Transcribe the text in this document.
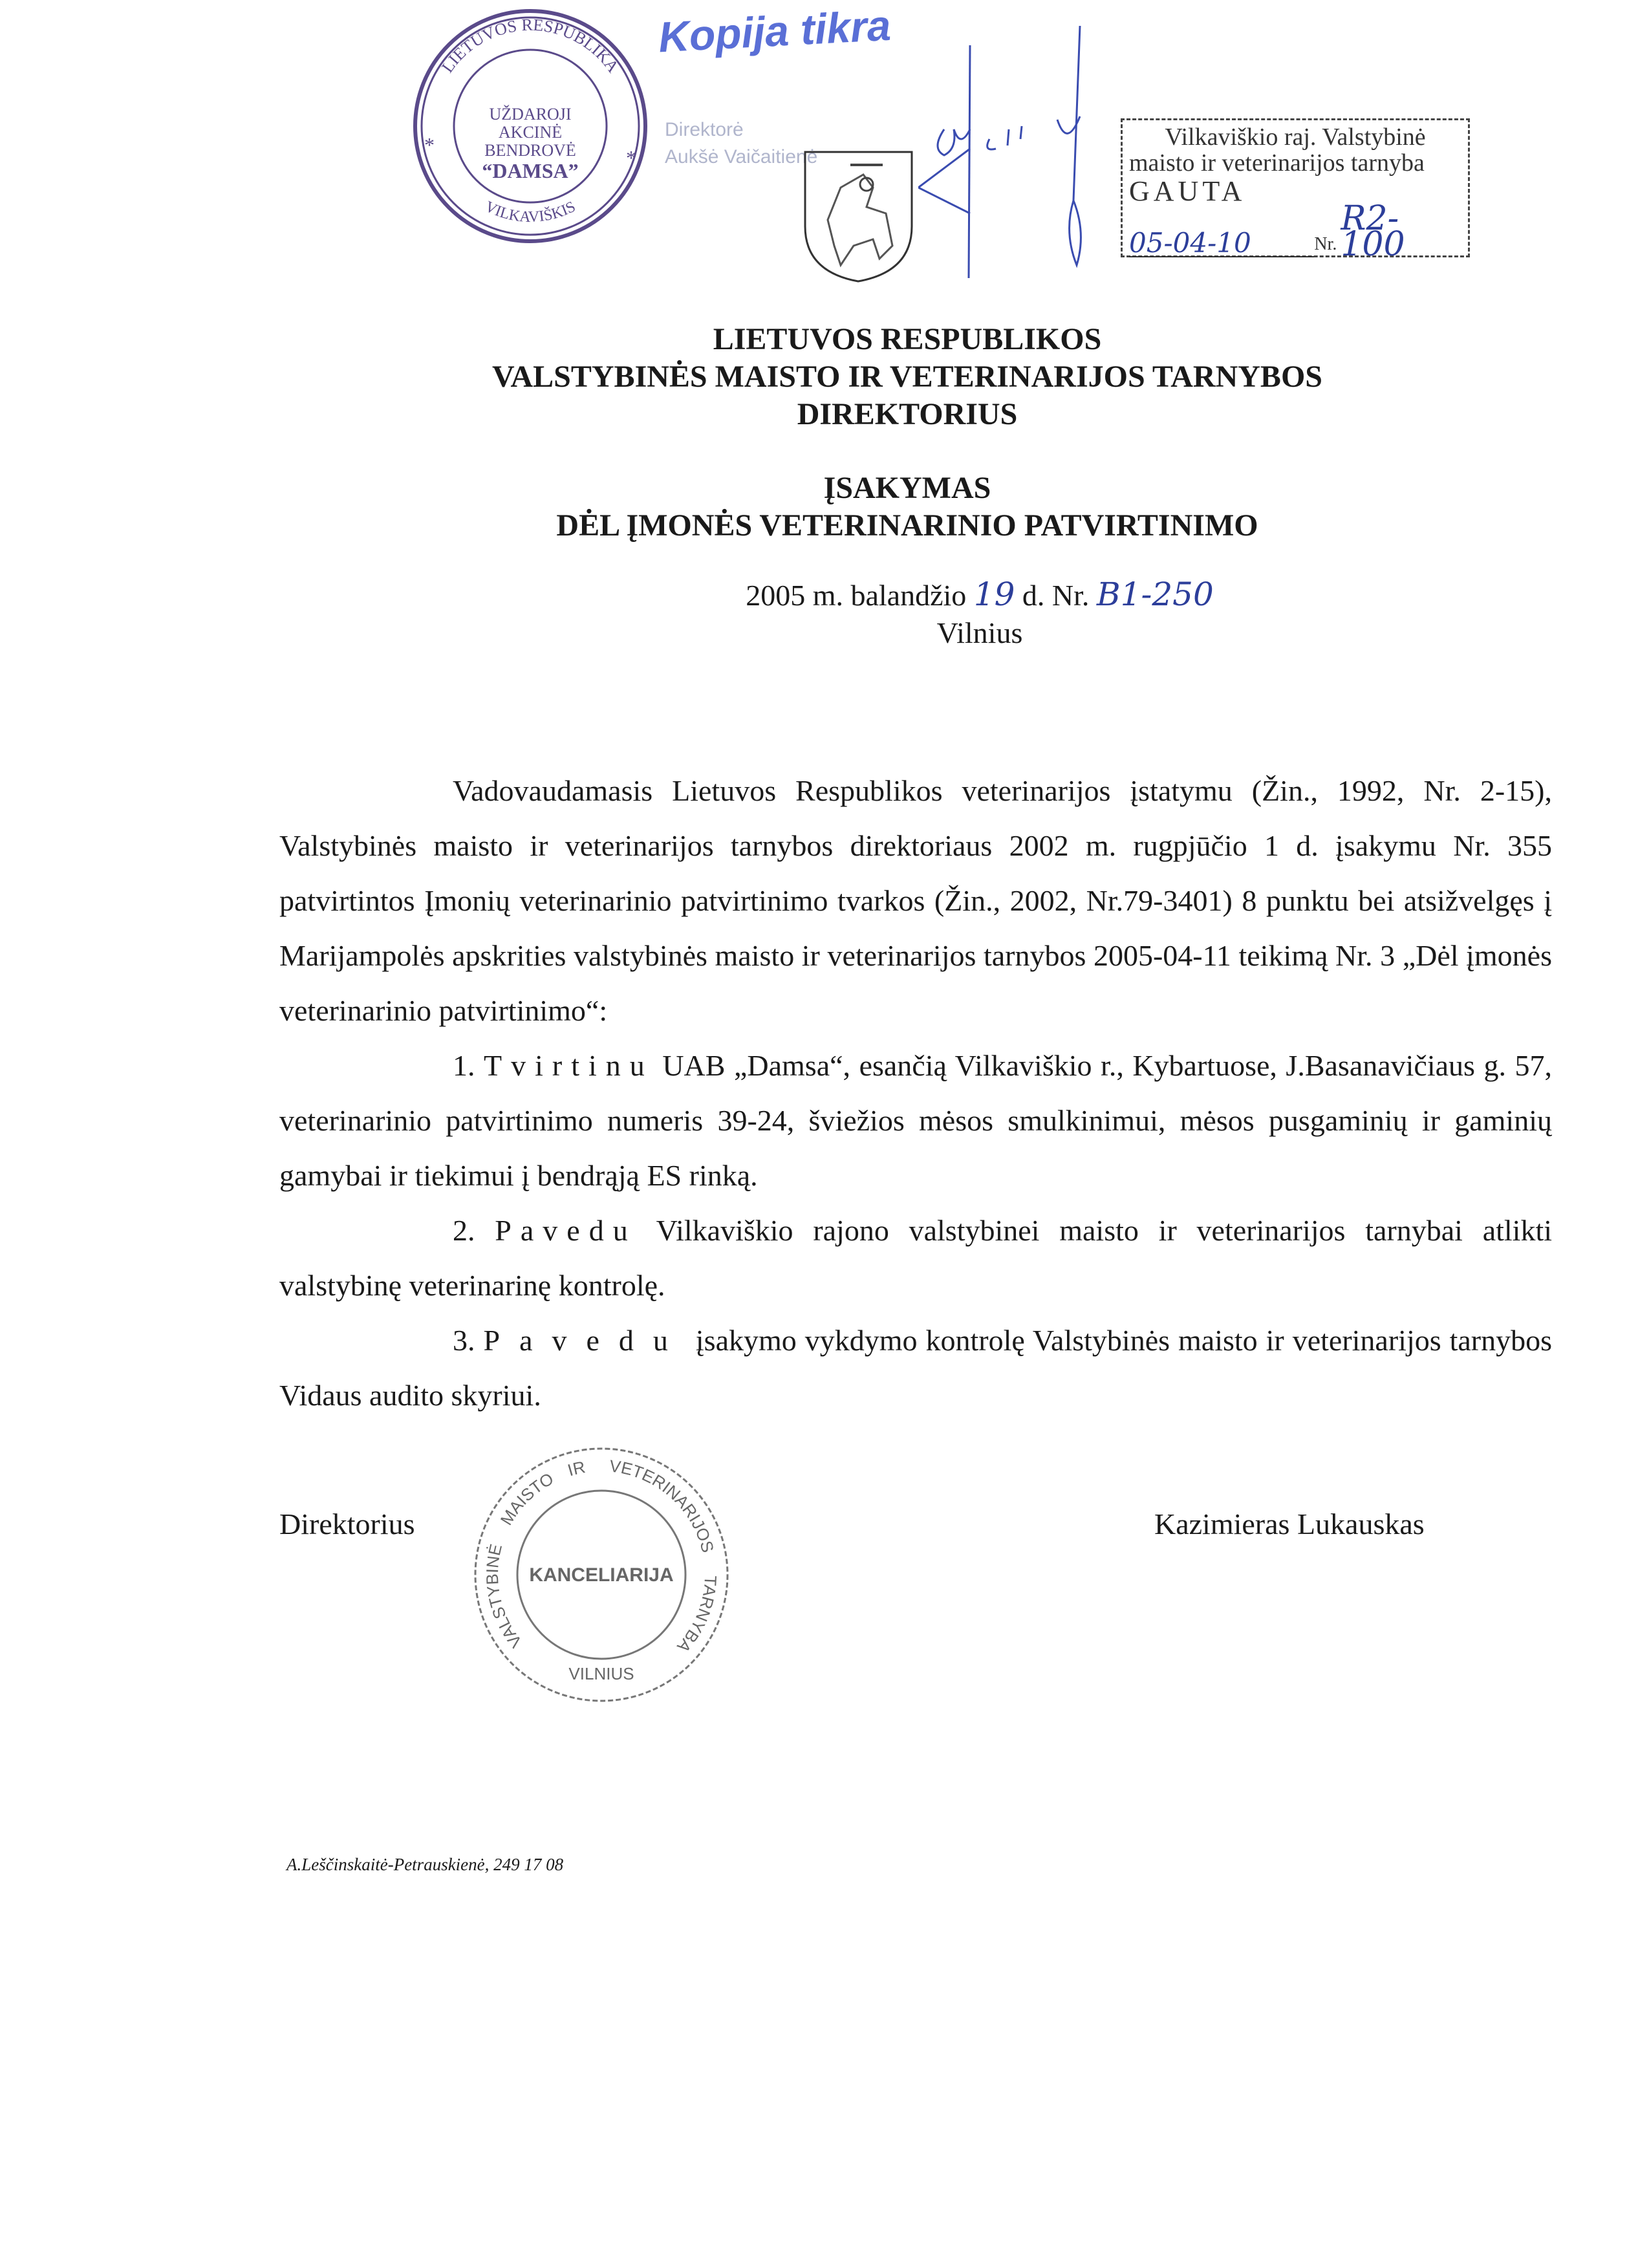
LIETUVOS RESPUBLIKA
VILKAVIŠKIS
UŽDAROJI
AKCINĖ
BENDROVĖ
“DAMSA”
*
*
Kopija tikra
Direktorė
Aukšė Vaičaitienė
Vilkaviškio raj. Valstybinė
maisto ir veterinarijos tarnyba
GAUTA
05-04-10	Nr.
R2-100
LIETUVOS RESPUBLIKOS
VALSTYBINĖS MAISTO IR VETERINARIJOS TARNYBOS
DIREKTORIUS
ĮSAKYMAS
DĖL ĮMONĖS VETERINARINIO PATVIRTINIMO
2005 m. balandžio 19 d. Nr. B1-250
Vilnius

Vadovaudamasis Lietuvos Respublikos veterinarijos įstatymu (Žin., 1992, Nr. 2-15), Valstybinės maisto ir veterinarijos tarnybos direktoriaus 2002 m. rugpjūčio 1 d. įsakymu Nr. 355 patvirtintos Įmonių veterinarinio patvirtinimo tvarkos (Žin., 2002, Nr.79-3401) 8 punktu bei atsižvelgęs į Marijampolės apskrities valstybinės maisto ir veterinarijos tarnybos 2005-04-11 teikimą Nr. 3 „Dėl įmonės veterinarinio patvirtinimo“:

1. Tvirtinu UAB „Damsa“, esančią Vilkaviškio r., Kybartuose, J.Basanavičiaus g. 57, veterinarinio patvirtinimo numeris 39-24, šviežios mėsos smulkinimui, mėsos pusgaminių ir gaminių gamybai ir tiekimui į bendrąją ES rinką.

2. Pavedu Vilkaviškio rajono valstybinei maisto ir veterinarijos tarnybai atlikti valstybinę veterinarinę kontrolę.

3. Pavedu įsakymo vykdymo kontrolę Valstybinės maisto ir veterinarijos tarnybos Vidaus audito skyriui.

VALSTYBINĖ
MAISTO IR VETERINARIJOS
TARNYBA
KANCELIARIJA
VILNIUS
Direktorius	Kazimieras Lukauskas
A.Leščinskaitė-Petrauskienė, 249 17 08
